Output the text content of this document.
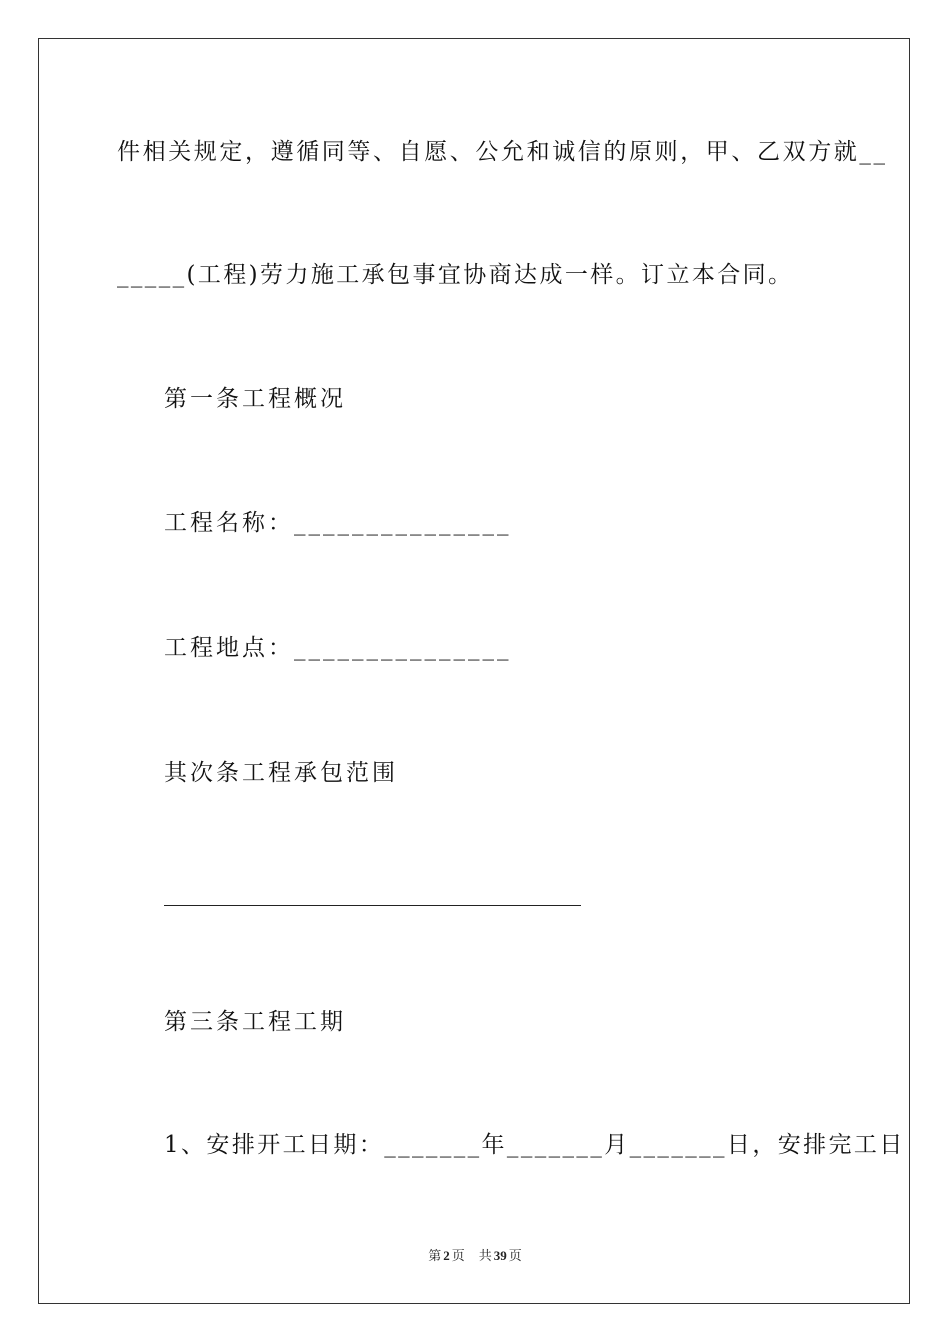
件相关规定，遵循同等、自愿、公允和诚信的原则，甲、乙双方就__
_____(工程)劳力施工承包事宜协商达成一样。订立本合同。
第一条工程概况
工程名称：_______________
工程地点：_______________
其次条工程承包范围
第三条工程工期
1、安排开工日期：_______年_______月_______日，安排完工日
第 2 页 共 39 页
